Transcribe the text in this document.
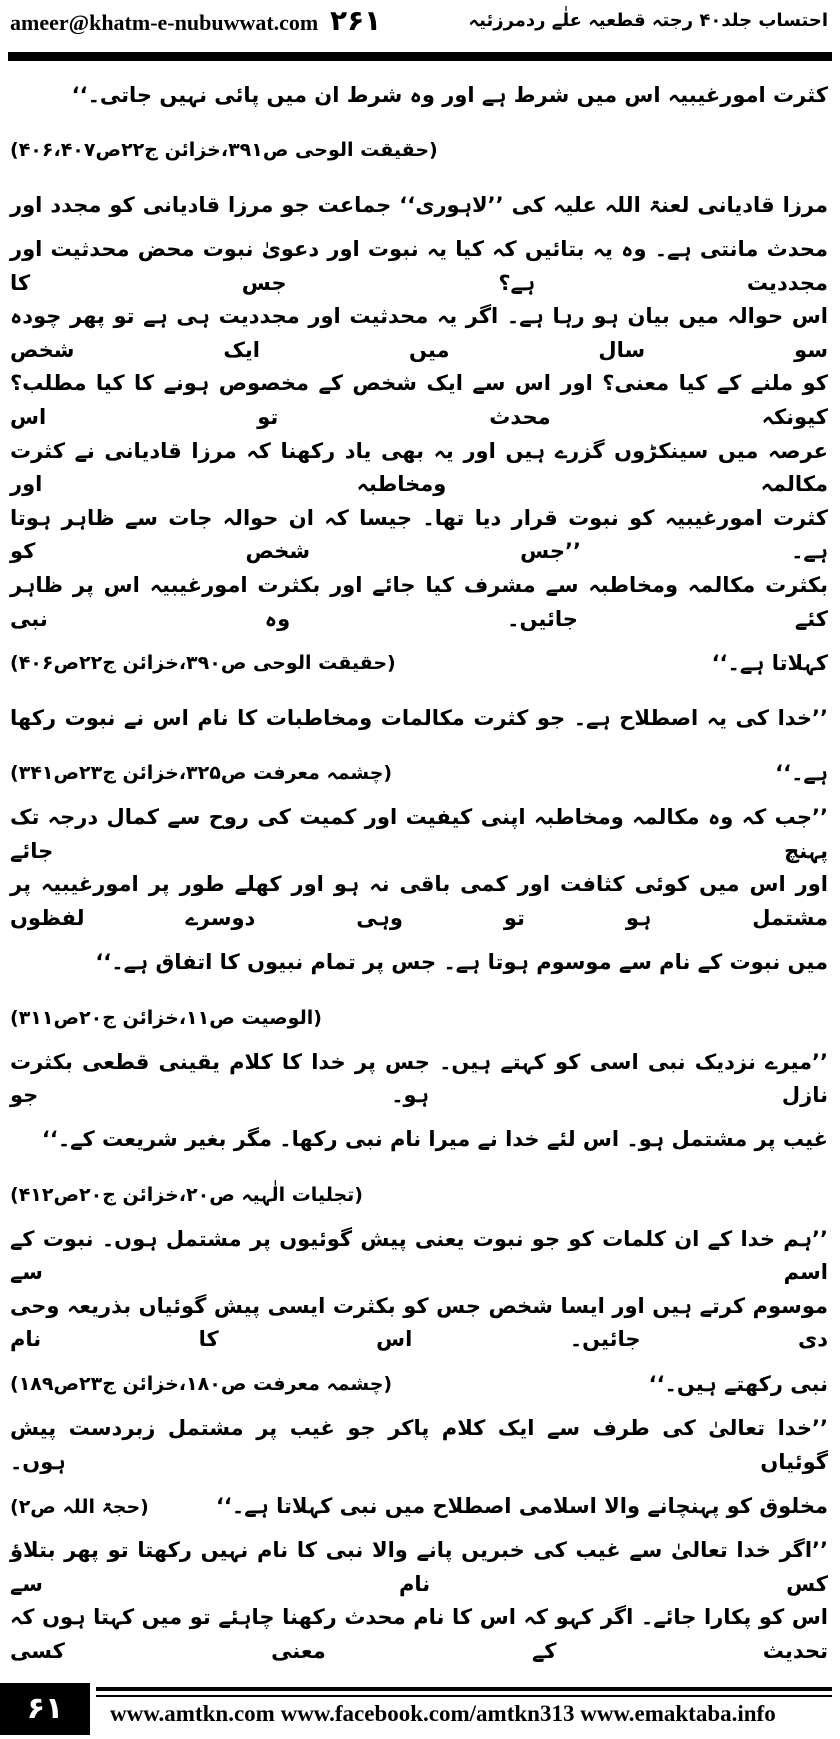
ameer@khatm-e-nubuwwat.com ۲۶۱	احتساب جلد۴۰ رجتہ قطعیہ علٰے ردمرزئیہ
کثرت امورغیبیہ اس میں شرط ہے اور وہ شرط ان میں پائی نہیں جاتی۔‘‘
(حقیقت الوحی ص۳۹۱،خزائن ج۲۲ص۴۰۶،۴۰۷)
مرزا قادیانی لعنۃ اللہ علیہ کی ’’لاہوری‘‘ جماعت جو مرزا قادیانی کو مجدد اور
محدث مانتی ہے۔ وہ یہ بتائیں کہ کیا یہ نبوت اور دعویٰ نبوت محض محدثیت اور مجددیت ہے؟ جس کا
اس حوالہ میں بیان ہو رہا ہے۔ اگر یہ محدثیت اور مجددیت ہی ہے تو پھر چودہ سو سال میں ایک شخص
کو ملنے کے کیا معنی؟ اور اس سے ایک شخص کے مخصوص ہونے کا کیا مطلب؟ کیونکہ محدث تو اس
عرصہ میں سینکڑوں گزرے ہیں اور یہ بھی یاد رکھنا کہ مرزا قادیانی نے کثرت مکالمہ ومخاطبہ اور
کثرت امورغیبیہ کو نبوت قرار دیا تھا۔ جیسا کہ ان حوالہ جات سے ظاہر ہوتا ہے۔ ’’جس شخص کو
بکثرت مکالمہ ومخاطبہ سے مشرف کیا جائے اور بکثرت امورغیبیہ اس پر ظاہر کئے جائیں۔ وہ نبی
کہلاتا ہے۔‘‘
(حقیقت الوحی ص۳۹۰،خزائن ج۲۲ص۴۰۶)
’’خدا کی یہ اصطلاح ہے۔ جو کثرت مکالمات ومخاطبات کا نام اس نے نبوت رکھا
ہے۔‘‘
(چشمہ معرفت ص۳۲۵،خزائن ج۲۳ص۳۴۱)
’’جب کہ وہ مکالمہ ومخاطبہ اپنی کیفیت اور کمیت کی روح سے کمال درجہ تک پہنچ جائے
اور اس میں کوئی کثافت اور کمی باقی نہ ہو اور کھلے طور پر امورغیبیہ پر مشتمل ہو تو وہی دوسرے لفظوں
میں نبوت کے نام سے موسوم ہوتا ہے۔ جس پر تمام نبیوں کا اتفاق ہے۔‘‘
(الوصیت ص۱۱،خزائن ج۲۰ص۳۱۱)
’’میرے نزدیک نبی اسی کو کہتے ہیں۔ جس پر خدا کا کلام یقینی قطعی بکثرت نازل ہو۔ جو
غیب پر مشتمل ہو۔ اس لئے خدا نے میرا نام نبی رکھا۔ مگر بغیر شریعت کے۔‘‘
(تجلیات الٰہیہ ص۲۰،خزائن ج۲۰ص۴۱۲)
’’ہم خدا کے ان کلمات کو جو نبوت یعنی پیش گوئیوں پر مشتمل ہوں۔ نبوت کے اسم سے
موسوم کرتے ہیں اور ایسا شخص جس کو بکثرت ایسی پیش گوئیاں بذریعہ وحی دی جائیں۔ اس کا نام
نبی رکھتے ہیں۔‘‘
(چشمہ معرفت ص۱۸۰،خزائن ج۲۳ص۱۸۹)
’’خدا تعالیٰ کی طرف سے ایک کلام پاکر جو غیب پر مشتمل زبردست پیش گوئیاں ہوں۔
مخلوق کو پہنچانے والا اسلامی اصطلاح میں نبی کہلاتا ہے۔‘‘
(حجۃ اللہ ص۲)
’’اگر خدا تعالیٰ سے غیب کی خبریں پانے والا نبی کا نام نہیں رکھتا تو پھر بتلاؤ کس نام سے
اس کو پکارا جائے۔ اگر کہو کہ اس کا نام محدث رکھنا چاہئے تو میں کہتا ہوں کہ تحدیث کے معنی کسی
۶۱	www.amtkn.com www.facebook.com/amtkn313 www.emaktaba.info
